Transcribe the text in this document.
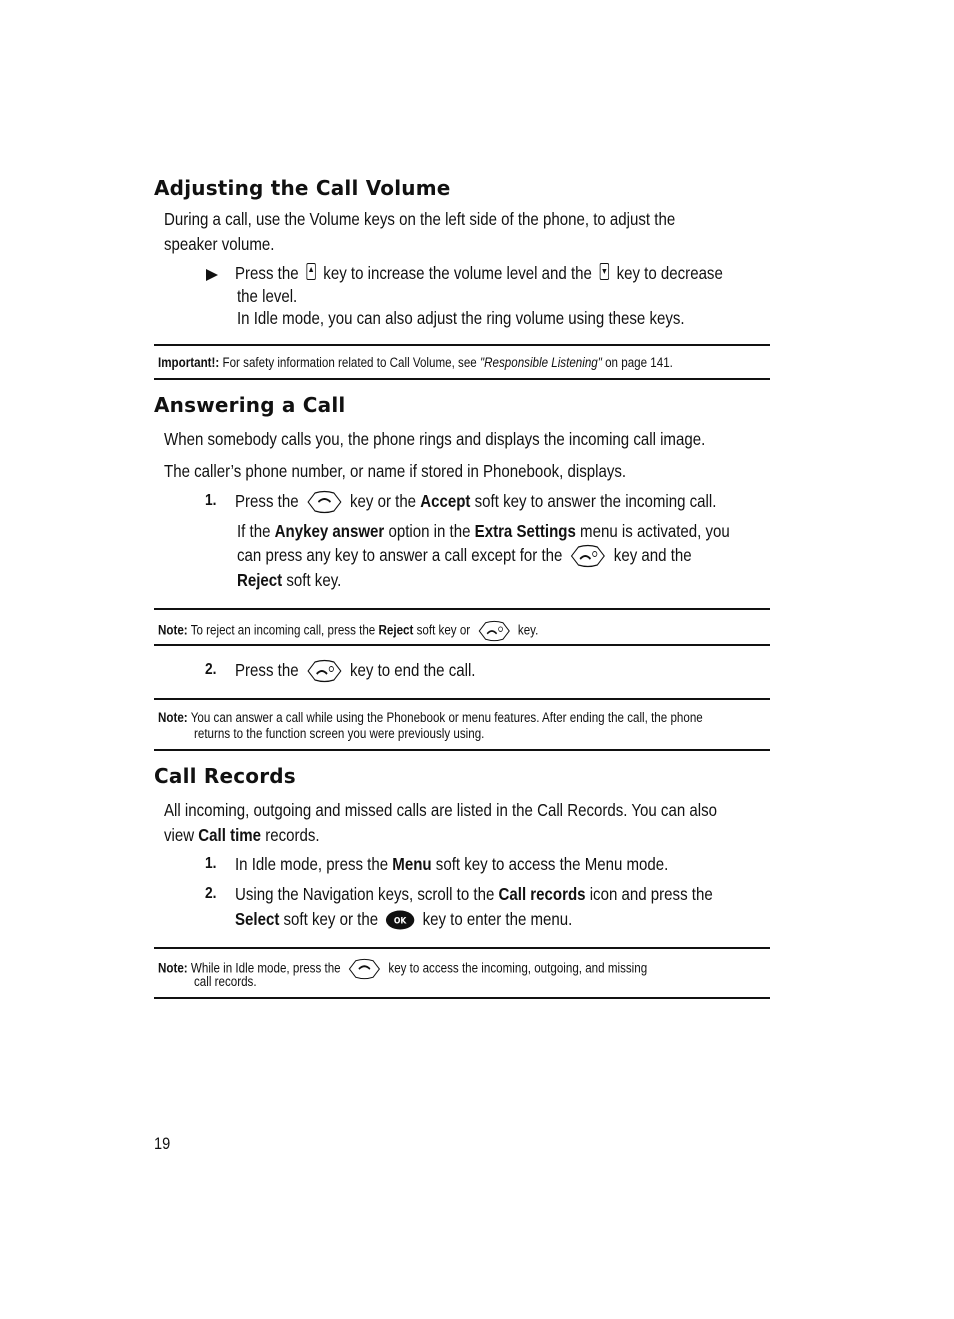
Adjusting the Call Volume
During a call, use the Volume keys on the left side of the phone, to adjust the
speaker volume.
Press the key to increase the volume level and the key to decrease
the level.
In Idle mode, you can also adjust the ring volume using these keys.
Important!: For safety information related to Call Volume, see "Responsible Listening" on page 141.
Answering a Call
When somebody calls you, the phone rings and displays the incoming call image.
The caller’s phone number, or name if stored in Phonebook, displays.
1. Press the	key or the Accept soft key to answer the incoming call.
If the Anykey answer option in the Extra Settings menu is activated, you
can press any key to answer a call except for the	key and the
Reject soft key.
Note: To reject an incoming call, press the Reject soft key or	key.
2. Press the	key to end the call.
Note: You can answer a call while using the Phonebook or menu features. After ending the call, the phone
returns to the function screen you were previously using.
Call Records
All incoming, outgoing and missed calls are listed in the Call Records. You can also
view Call time records.
1. In Idle mode, press the Menu soft key to access the Menu mode.
2. Using the Navigation keys, scroll to the Call records icon and press the
Select soft key or the OK key to enter the menu.
Note: While in Idle mode, press the	key to access the incoming, outgoing, and missing
call records.
19
